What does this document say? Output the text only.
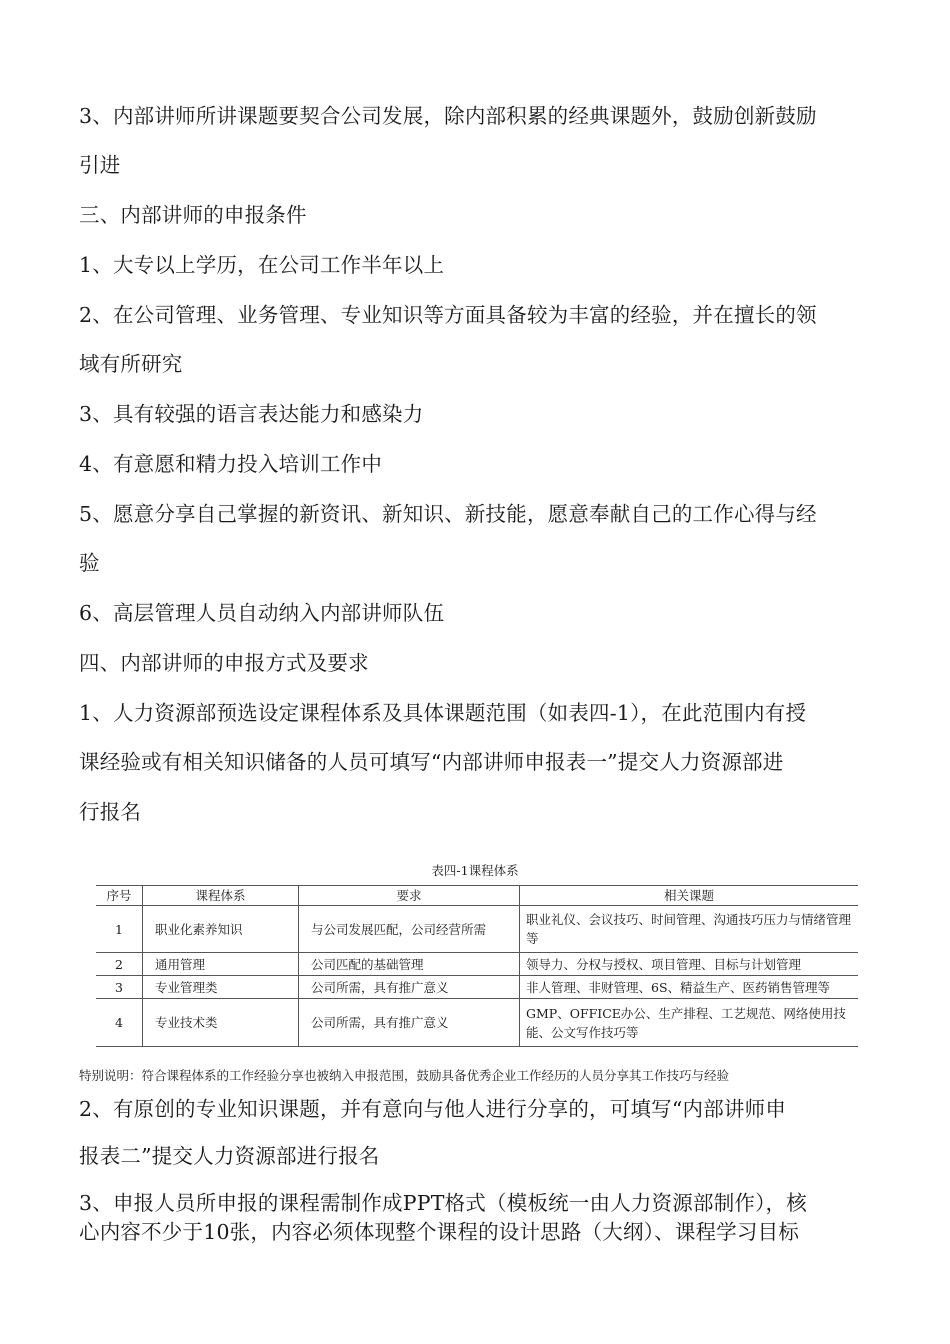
3、内部讲师所讲课题要契合公司发展，除内部积累的经典课题外，鼓励创新鼓励
引进
三、内部讲师的申报条件
1、大专以上学历，在公司工作半年以上
2、在公司管理、业务管理、专业知识等方面具备较为丰富的经验，并在擅长的领
域有所研究
3、具有较强的语言表达能力和感染力
4、有意愿和精力投入培训工作中
5、愿意分享自己掌握的新资讯、新知识、新技能，愿意奉献自己的工作心得与经
验
6、高层管理人员自动纳入内部讲师队伍
四、内部讲师的申报方式及要求
1、人力资源部预选设定课程体系及具体课题范围（如表四-1），在此范围内有授
课经验或有相关知识储备的人员可填写“内部讲师申报表一”提交人力资源部进
行报名
表四-1课程体系
序号	课程体系	要求	相关课题
1	职业化素养知识	与公司发展匹配，公司经营所需	职业礼仪、会议技巧、时间管理、沟通技巧压力与情绪管理等
2	通用管理	公司匹配的基础管理	领导力、分权与授权、项目管理、目标与计划管理
3	专业管理类	公司所需，具有推广意义	非人管理、非财管理、6S、精益生产、医药销售管理等
4	专业技术类	公司所需，具有推广意义	GMP、OFFICE办公、生产排程、工艺规范、网络使用技能、公文写作技巧等
特别说明：符合课程体系的工作经验分享也被纳入申报范围，鼓励具备优秀企业工作经历的人员分享其工作技巧与经验
2、有原创的专业知识课题，并有意向与他人进行分享的，可填写“内部讲师申
报表二”提交人力资源部进行报名
3、申报人员所申报的课程需制作成PPT格式（模板统一由人力资源部制作），核
心内容不少于10张，内容必须体现整个课程的设计思路（大纲）、课程学习目标
